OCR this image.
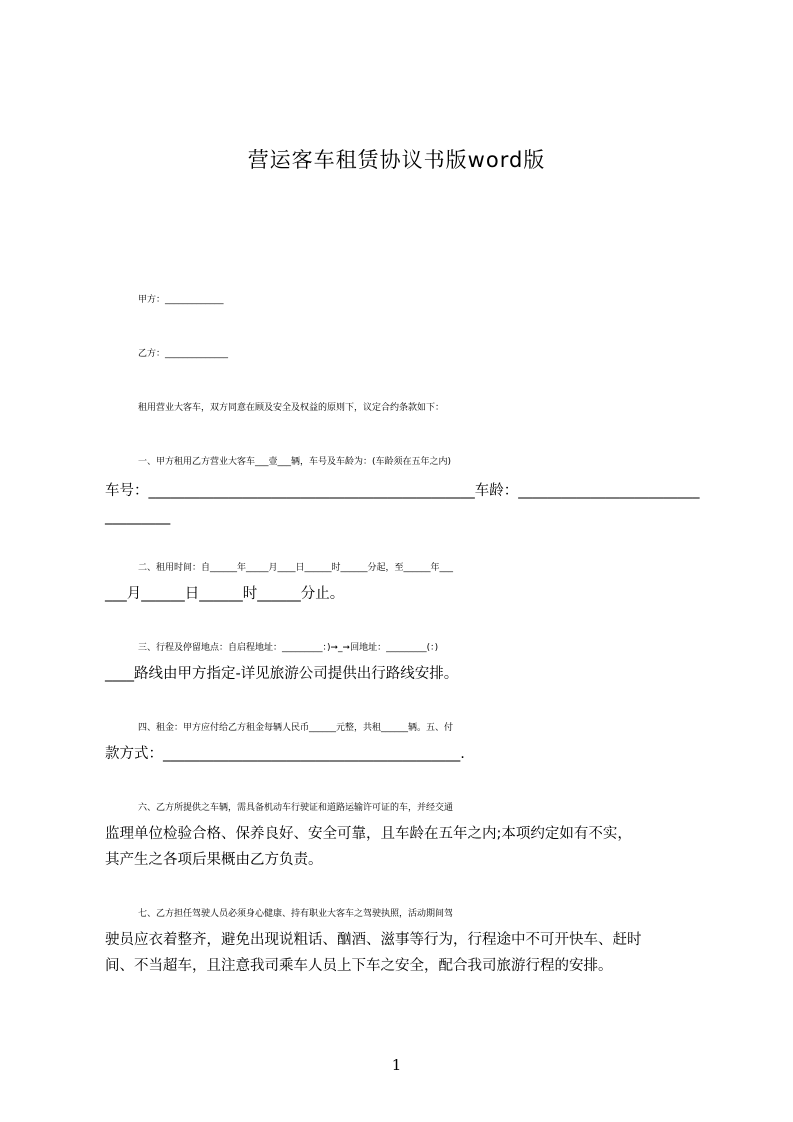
营运客车租赁协议书版word版

甲方：_____________

乙方：______________

租用营业大客车，双方同意在顾及安全及权益的原则下，议定合约条款如下：

一、甲方租用乙方营业大客车___壹___辆，车号及车龄为：(车龄须在五年之内)

车号：_____________________________________________车龄：_________________________

_________

二、租用时间：自______年_____月____日______时______分起，至______年___

___月______日______时______分止。

三、行程及停留地点：自启程地址：_________：)➞_➞回地址：_________(：)

____路线由甲方指定-详见旅游公司提供出行路线安排。

四、租金：甲方应付给乙方租金每辆人民币______元整，共租______辆。五、付

款方式：_________________________________________.

六、乙方所提供之车辆，需具备机动车行驶证和道路运输许可证的车，并经交通

监理单位检验合格、保养良好、安全可靠，且车龄在五年之内;本项约定如有不实，

其产生之各项后果概由乙方负责。

七、乙方担任驾驶人员必须身心健康、持有职业大客车之驾驶执照，活动期间驾

驶员应衣着整齐，避免出现说粗话、酗酒、滋事等行为，行程途中不可开快车、赶时

间、不当超车，且注意我司乘车人员上下车之安全，配合我司旅游行程的安排。

1
